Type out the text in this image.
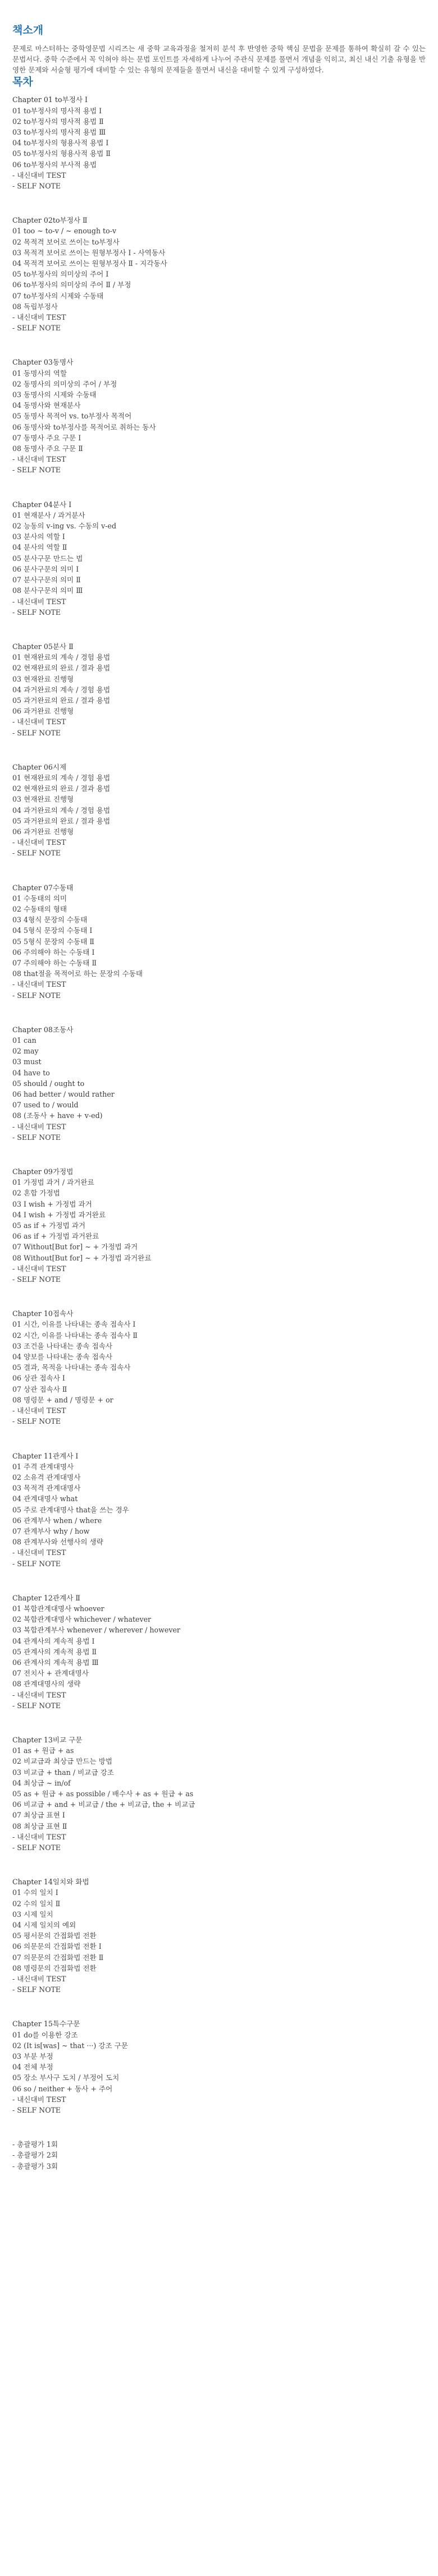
책소개

문제로 마스터하는 중학영문법 시리즈는 새 중학 교육과정을 철저히 분석 후 반영한 중학 핵심 문법을 문제를 통하여 확실히 갈 수 있는 문법서다. 중학 수준에서 꼭 익혀야 하는 문법 포인트를 자세하게 나누어 주관식 문제를 풀면서 개념을 익히고, 최신 내신 기출 유형을 반영한 문제와 서술형 평가에 대비할 수 있는 유형의 문제들을 풀면서 내신을 대비할 수 있게 구성하였다.

목차
Chapter 01 to부정사 I
01 to부정사의 명사적 용법 I
02 to부정사의 명사적 용법 Ⅱ
03 to부정사의 명사적 용법 Ⅲ
04 to부정사의 형용사적 용법 I
05 to부정사의 형용사적 용법 Ⅱ
06 to부정사의 부사적 용법
- 내신대비 TEST
- SELF NOTE
Chapter 02to부정사 Ⅱ
01 too ~ to-v / ~ enough to-v
02 목적격 보어로 쓰이는 to부정사
03 목적격 보어로 쓰이는 원형부정사 I - 사역동사
04 목적격 보어로 쓰이는 원형부정사 Ⅱ - 지각동사
05 to부정사의 의미상의 주어 I
06 to부정사의 의미상의 주어 Ⅱ / 부정
07 to부정사의 시제와 수동태
08 독립부정사
- 내신대비 TEST
- SELF NOTE
Chapter 03동명사
01 동명사의 역할
02 동명사의 의미상의 주어 / 부정
03 동명사의 시제와 수동태
04 동명사와 현재분사
05 동명사 목적어 vs. to부정사 목적어
06 동명사와 to부정사를 목적어로 취하는 동사
07 동명사 주요 구문 I
08 동명사 주요 구문 Ⅱ
- 내신대비 TEST
- SELF NOTE
Chapter 04분사 I
01 현재분사 / 과거분사
02 능동의 v-ing vs. 수동의 v-ed
03 분사의 역할 I
04 분사의 역할 Ⅱ
05 분사구문 만드는 법
06 분사구문의 의미 I
07 분사구문의 의미 Ⅱ
08 분사구문의 의미 Ⅲ
- 내신대비 TEST
- SELF NOTE
Chapter 05분사 Ⅱ
01 현재완료의 계속 / 경험 용법
02 현재완료의 완료 / 결과 용법
03 현재완료 진행형
04 과거완료의 계속 / 경험 용법
05 과거완료의 완료 / 결과 용법
06 과거완료 진행형
- 내신대비 TEST
- SELF NOTE
Chapter 06시제
01 현재완료의 계속 / 경험 용법
02 현재완료의 완료 / 결과 용법
03 현재완료 진행형
04 과거완료의 계속 / 경험 용법
05 과거완료의 완료 / 결과 용법
06 과거완료 진행형
- 내신대비 TEST
- SELF NOTE
Chapter 07수동태
01 수동태의 의미
02 수동태의 형태
03 4형식 문장의 수동태
04 5형식 문장의 수동태 I
05 5형식 문장의 수동태 Ⅱ
06 주의해야 하는 수동태 I
07 주의해야 하는 수동태 Ⅱ
08 that절을 목적어로 하는 문장의 수동태
- 내신대비 TEST
- SELF NOTE
Chapter 08조동사
01 can
02 may
03 must
04 have to
05 should / ought to
06 had better / would rather
07 used to / would
08 (조동사 + have + v-ed)
- 내신대비 TEST
- SELF NOTE
Chapter 09가정법
01 가정법 과거 / 과거완료
02 혼합 가정법
03 I wish + 가정법 과거
04 I wish + 가정법 과거완료
05 as if + 가정법 과거
06 as if + 가정법 과거완료
07 Without[But for] ~ + 가정법 과거
08 Without[But for] ~ + 가정법 과거완료
- 내신대비 TEST
- SELF NOTE
Chapter 10접속사
01 시간, 이유를 나타내는 종속 접속사 I
02 시간, 이유를 나타내는 종속 접속사 Ⅱ
03 조건을 나타내는 종속 접속사
04 양보를 나타내는 종속 접속사
05 결과, 목적을 나타내는 종속 접속사
06 상관 접속사 I
07 상관 접속사 Ⅱ
08 명령문 + and / 명령문 + or
- 내신대비 TEST
- SELF NOTE
Chapter 11관계사 I
01 주격 관계대명사
02 소유격 관계대명사
03 목적격 관계대명사
04 관계대명사 what
05 주로 관계대명사 that을 쓰는 경우
06 관계부사 when / where
07 관계부사 why / how
08 관계부사와 선행사의 생략
- 내신대비 TEST
- SELF NOTE
Chapter 12관계사 Ⅱ
01 복합관계대명사 whoever
02 복합관계대명사 whichever / whatever
03 복합관계부사 whenever / wherever / however
04 관계사의 계속적 용법 I
05 관계사의 계속적 용법 Ⅱ
06 관계사의 계속적 용법 Ⅲ
07 전치사 + 관계대명사
08 관계대명사의 생략
- 내신대비 TEST
- SELF NOTE
Chapter 13비교 구문
01 as + 원급 + as
02 비교급과 최상급 만드는 방법
03 비교급 + than / 비교급 강조
04 최상급 ~ in/of
05 as + 원급 + as possible / 배수사 + as + 원급 + as
06 비교급 + and + 비교급 / the + 비교급, the + 비교급
07 최상급 표현 I
08 최상급 표현 Ⅱ
- 내신대비 TEST
- SELF NOTE
Chapter 14일치와 화법
01 수의 일치 I
02 수의 일치 Ⅱ
03 시제 일치
04 시제 일치의 예외
05 평서문의 간접화법 전환
06 의문문의 간접화법 전환 I
07 의문문의 간접화법 전환 Ⅱ
08 명령문의 간접화법 전환
- 내신대비 TEST
- SELF NOTE
Chapter 15특수구문
01 do를 이용한 강조
02 (It is[was] ~ that ···) 강조 구문
03 부분 부정
04 전체 부정
05 장소 부사구 도치 / 부정어 도치
06 so / neither + 동사 + 주어
- 내신대비 TEST
- SELF NOTE
- 총괄평가 1회
- 총괄평가 2회
- 총괄평가 3회
